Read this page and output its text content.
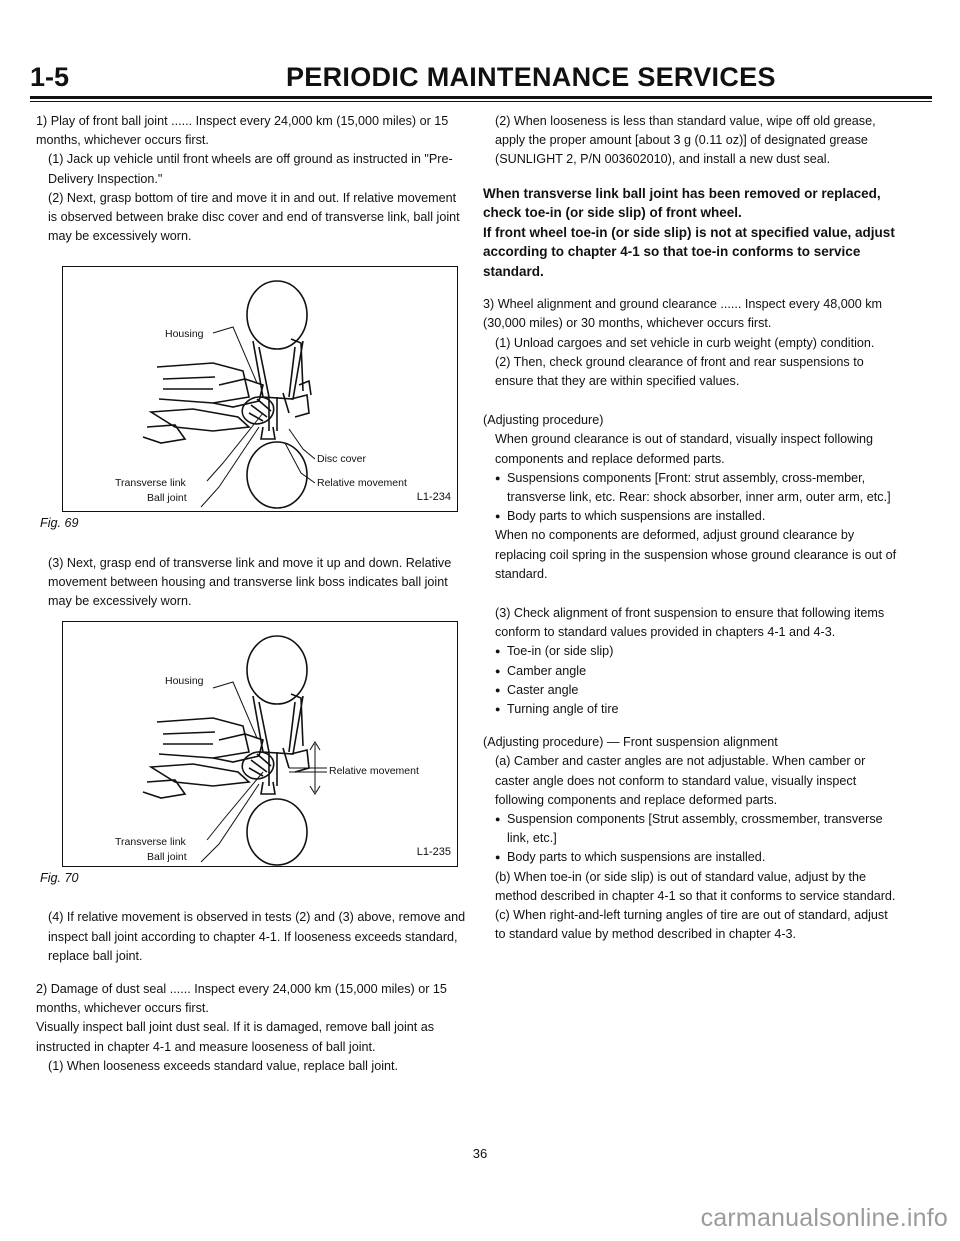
1-5	PERIODIC MAINTENANCE SERVICES

1) Play of front ball joint ...... Inspect every 24,000 km (15,000 miles) or 15 months, whichever occurs first.

(1) Jack up vehicle until front wheels are off ground as instructed in "Pre-Delivery Inspection."

(2) Next, grasp bottom of tire and move it in and out. If relative movement is observed between brake disc cover and end of transverse link, ball joint may be excessively worn.

Housing
Transverse link
Ball joint
Disc cover
Relative movement
L1-234

Fig. 69

(3) Next, grasp end of transverse link and move it up and down. Relative movement between housing and transverse link boss indicates ball joint may be excessively worn.

Housing
Transverse link
Ball joint
Relative movement
L1-235

Fig. 70

(4) If relative movement is observed in tests (2) and (3) above, remove and inspect ball joint according to chapter 4-1. If looseness exceeds standard, replace ball joint.

2) Damage of dust seal ...... Inspect every 24,000 km (15,000 miles) or 15 months, whichever occurs first.

Visually inspect ball joint dust seal. If it is damaged, remove ball joint as instructed in chapter 4-1 and measure looseness of ball joint.

(1) When looseness exceeds standard value, replace ball joint.

(2) When looseness is less than standard value, wipe off old grease, apply the proper amount [about 3 g (0.11 oz)] of designated grease (SUNLIGHT 2, P/N 003602010), and install a new dust seal.

When transverse link ball joint has been removed or replaced, check toe-in (or side slip) of front wheel.

If front wheel toe-in (or side slip) is not at specified value, adjust according to chapter 4-1 so that toe-in conforms to service standard.

3) Wheel alignment and ground clearance ...... Inspect every 48,000 km (30,000 miles) or 30 months, whichever occurs first.

(1) Unload cargoes and set vehicle in curb weight (empty) condition.

(2) Then, check ground clearance of front and rear suspensions to ensure that they are within specified values.

(Adjusting procedure)

When ground clearance is out of standard, visually inspect following components and replace deformed parts.

● Suspensions components [Front: strut assembly, cross-member, transverse link, etc. Rear: shock absorber, inner arm, outer arm, etc.]

● Body parts to which suspensions are installed.

When no components are deformed, adjust ground clearance by replacing coil spring in the suspension whose ground clearance is out of standard.

(3) Check alignment of front suspension to ensure that following items conform to standard values provided in chapters 4-1 and 4-3.

● Toe-in (or side slip)

● Camber angle

● Caster angle

● Turning angle of tire

(Adjusting procedure) — Front suspension alignment

(a) Camber and caster angles are not adjustable. When camber or caster angle does not conform to standard value, visually inspect following components and replace deformed parts.

● Suspension components [Strut assembly, crossmember, transverse link, etc.]

● Body parts to which suspensions are installed.

(b) When toe-in (or side slip) is out of standard value, adjust by the method described in chapter 4-1 so that it conforms to service standard.

(c) When right-and-left turning angles of tire are out of standard, adjust to standard value by method described in chapter 4-3.

36
carmanualsonline.info
